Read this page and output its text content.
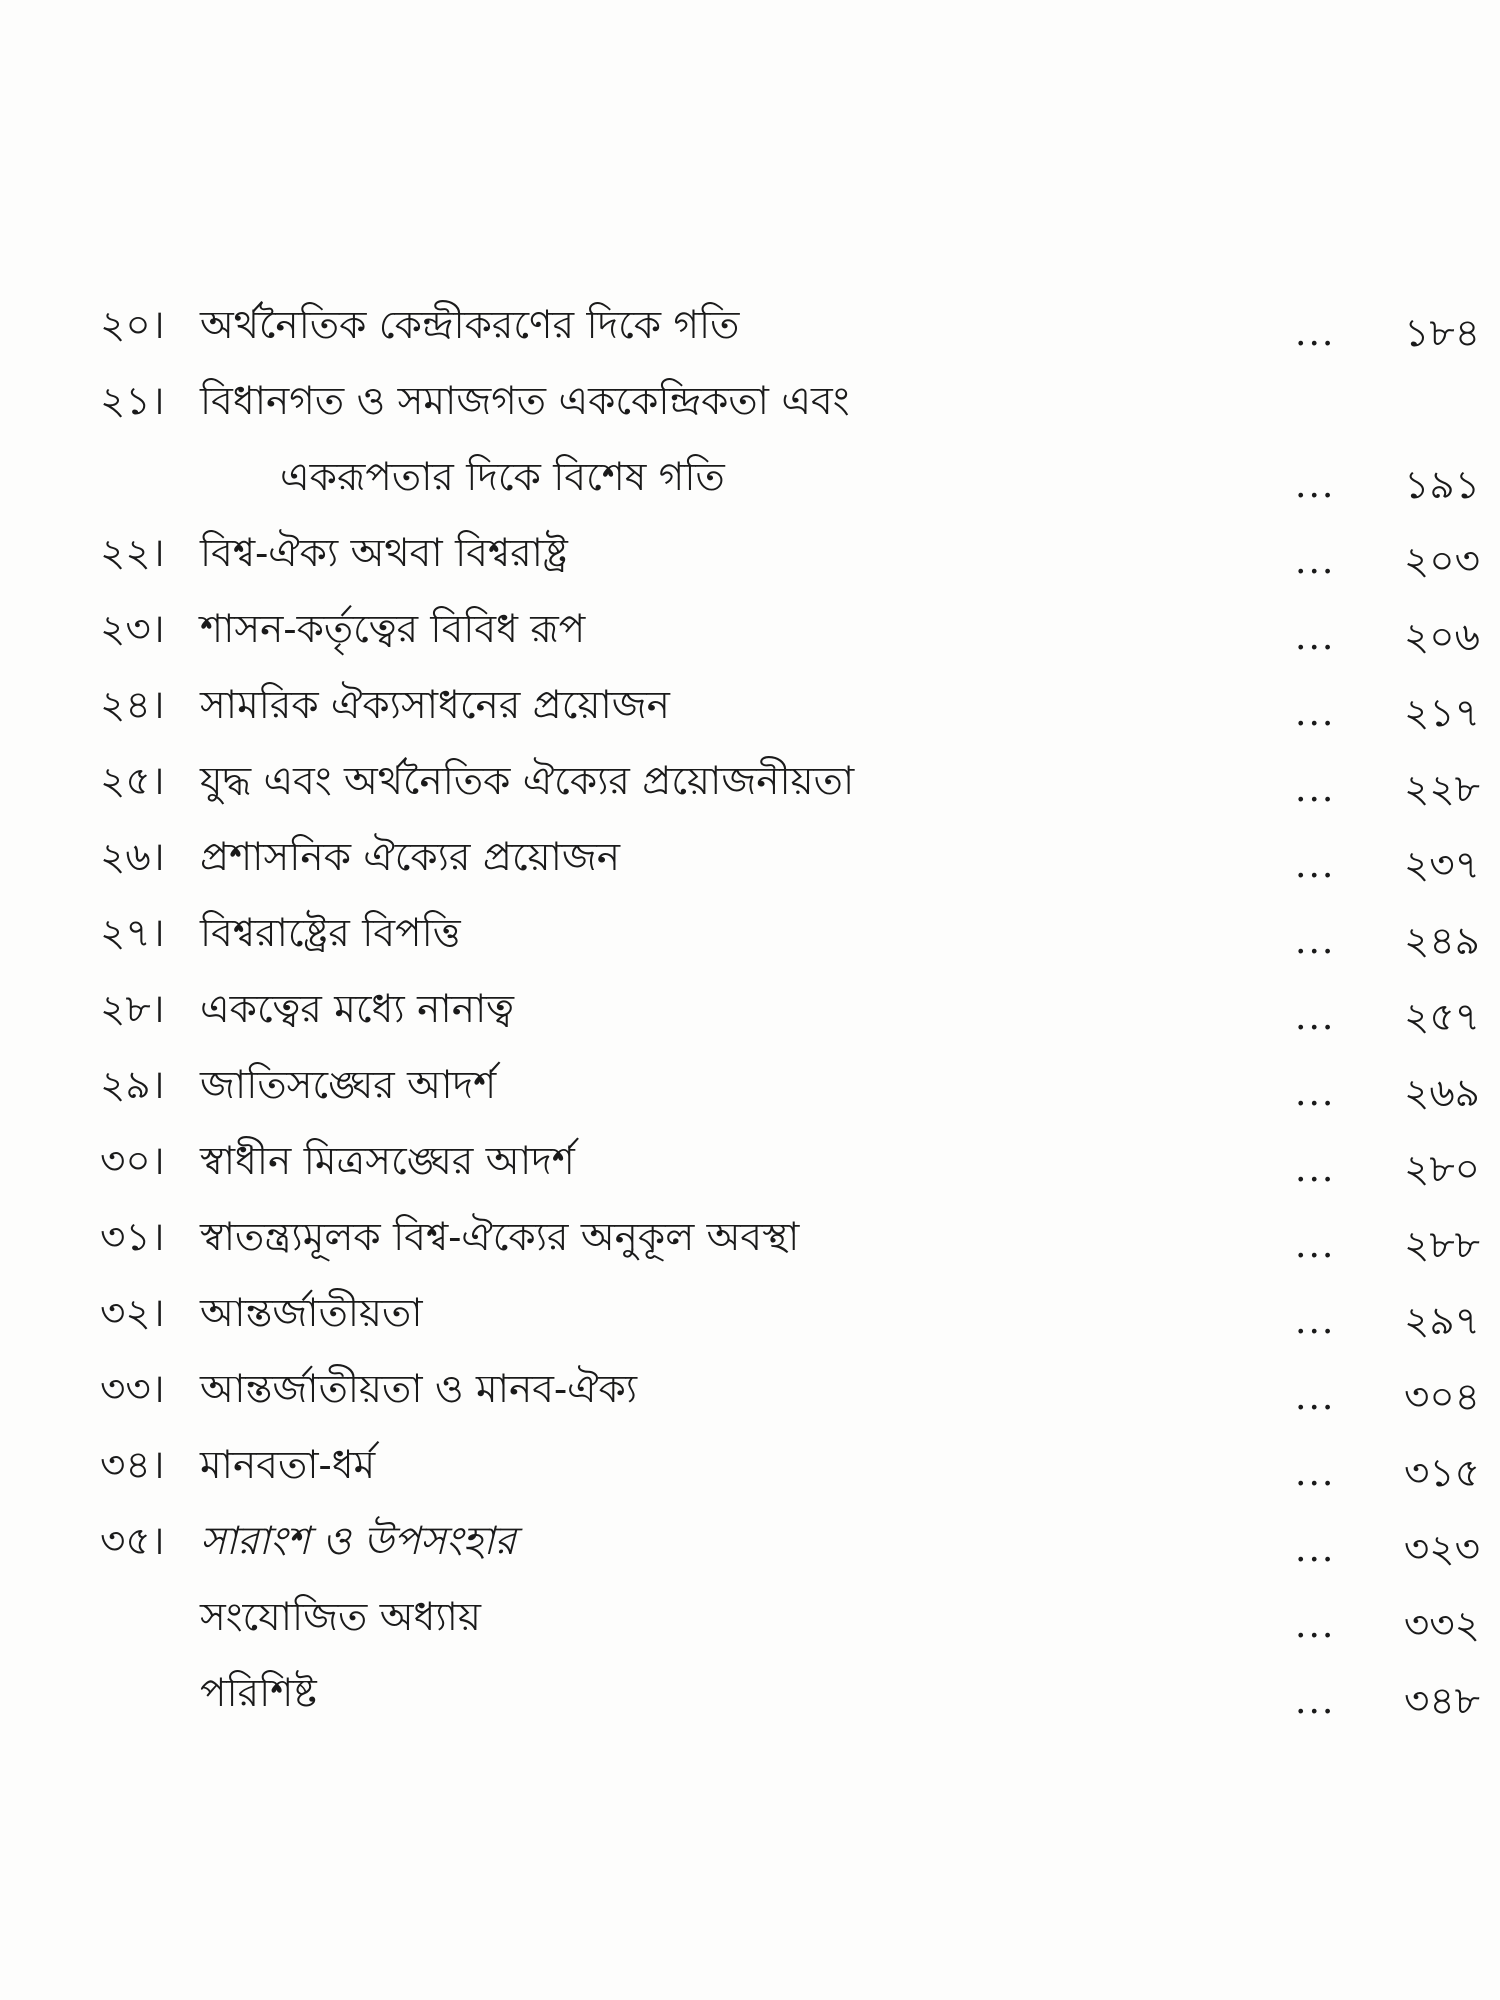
২০। অর্থনৈতিক কেন্দ্রীকরণের দিকে গতি	...	১৮৪
২১। বিধানগত ও সমাজগত এককেন্দ্রিকতা এবং
একরূপতার দিকে বিশেষ গতি	...	১৯১
২২। বিশ্ব-ঐক্য অথবা বিশ্বরাষ্ট্র	...	২০৩
২৩। শাসন-কর্তৃত্বের বিবিধ রূপ	...	২০৬
২৪। সামরিক ঐক্যসাধনের প্রয়োজন	...	২১৭
২৫। যুদ্ধ এবং অর্থনৈতিক ঐক্যের প্রয়োজনীয়তা	...	২২৮
২৬। প্রশাসনিক ঐক্যের প্রয়োজন	...	২৩৭
২৭। বিশ্বরাষ্ট্রের বিপত্তি	...	২৪৯
২৮। একত্বের মধ্যে নানাত্ব	...	২৫৭
২৯। জাতিসঙ্ঘের আদর্শ	...	২৬৯
৩০। স্বাধীন মিত্রসঙ্ঘের আদর্শ	...	২৮০
৩১। স্বাতন্ত্র্যমূলক বিশ্ব-ঐক্যের অনুকূল অবস্থা	...	২৮৮
৩২। আন্তর্জাতীয়তা	...	২৯৭
৩৩। আন্তর্জাতীয়তা ও মানব-ঐক্য	...	৩০৪
৩৪। মানবতা-ধর্ম	...	৩১৫
৩৫। সারাংশ ও উপসংহার	...	৩২৩
সংযোজিত অধ্যায়	...	৩৩২
পরিশিষ্ট	...	৩৪৮
